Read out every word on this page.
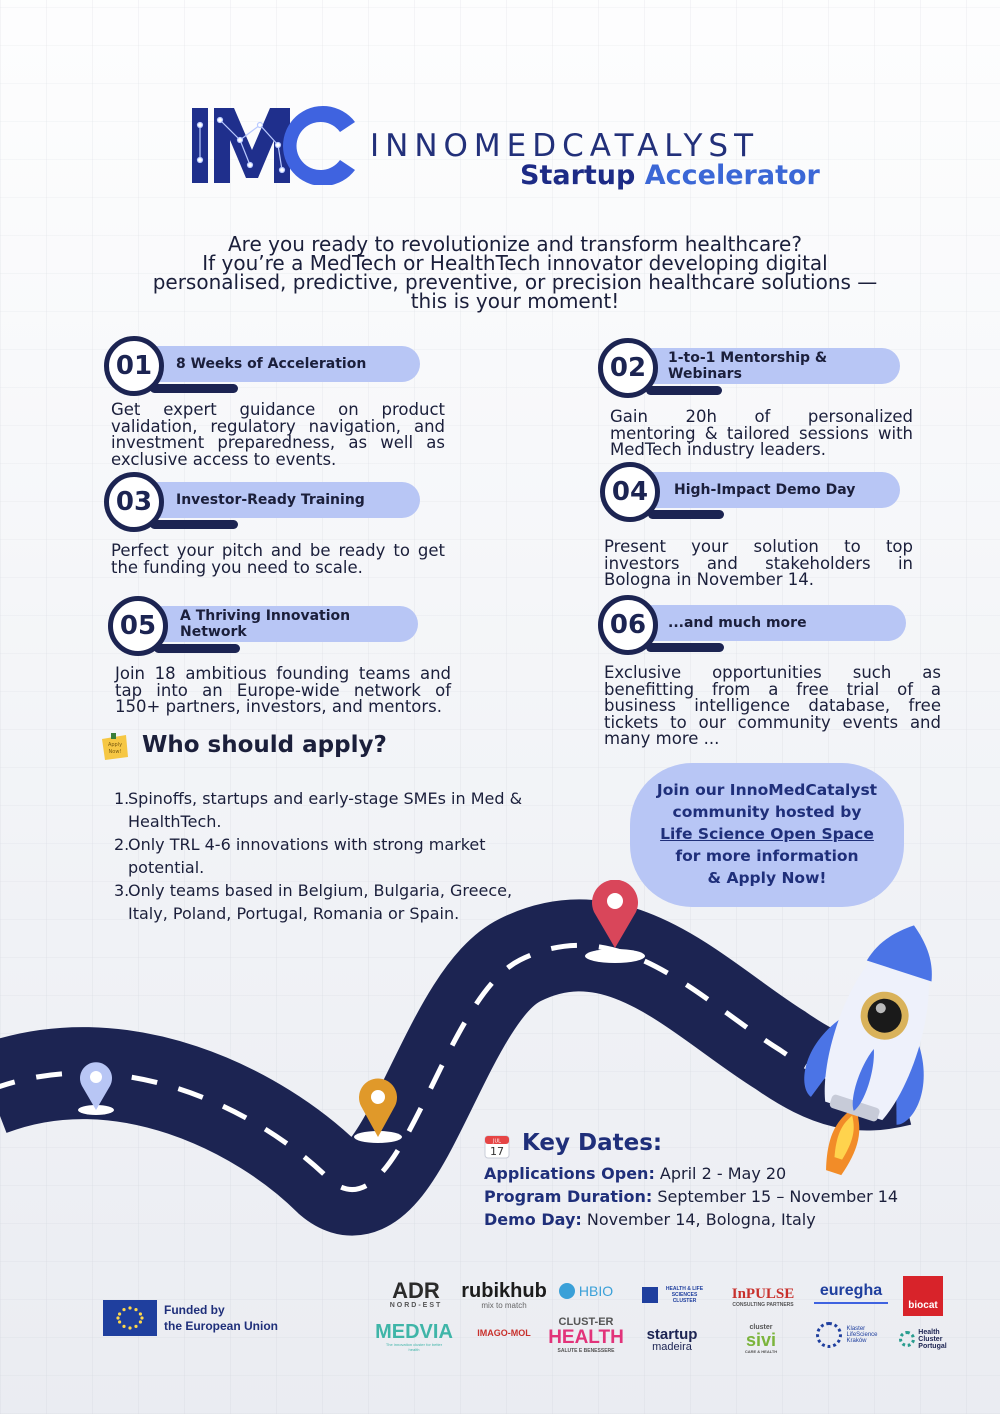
INNOMEDCATALYST
Startup Accelerator
Are you ready to revolutionize and transform healthcare?
If you’re a MedTech or HealthTech innovator developing digital
personalised, predictive, preventive, or precision healthcare solutions —
this is your moment!
8 Weeks of Acceleration
01
Get expert guidance on product
validation, regulatory navigation, and
investment preparedness, as well as
exclusive access to events.
1-to-1 Mentorship & Webinars
02
Gain 20h of personalized
mentoring & tailored sessions with
MedTech industry leaders.
Investor-Ready Training
03
Perfect your pitch and be ready to get
the funding you need to scale.
High-Impact Demo Day
04
Present your solution to top
investors and stakeholders in
Bologna in November 14.
A Thriving Innovation Network
05
Join 18 ambitious founding teams and
tap into an Europe-wide network of
150+ partners, investors, and mentors.
...and much more
06
Exclusive opportunities such as
benefitting from a free trial of a
business intelligence database, free
tickets to our community events and
many more ...
Apply
Now! Who should apply?
1.
Spinoffs, startups and early-stage SMEs in Med &
HealthTech.
2.
Only TRL 4-6 innovations with strong market
potential.
3.
Only teams based in Belgium, Bulgaria, Greece,
Italy, Poland, Portugal, Romania or Spain.
Join our InnoMedCatalyst
community hosted by
Life Science Open Space
for more information
& Apply Now!
JUL
17 Key Dates:
Applications Open: April 2 - May 20
Program Duration: September 15 – November 14
Demo Day: November 14, Bologna, Italy
Funded by
the European Union
ADR
NORD-EST
rubikhub
mix to match
HBIO	HEALTH & LIFE SCIENCES CLUSTER	InPULSE
CONSULTING PARTNERS
euregha
biocat
MEDVIA
The innovation cluster for better health
IMAGO-MOL
CLUST-ER
HEALTH
SALUTE E BENESSERE
startup
madeira
cluster
sivi
CARE & HEALTH
Klaster
LifeScience
Kraków
Health
Cluster
Portugal
